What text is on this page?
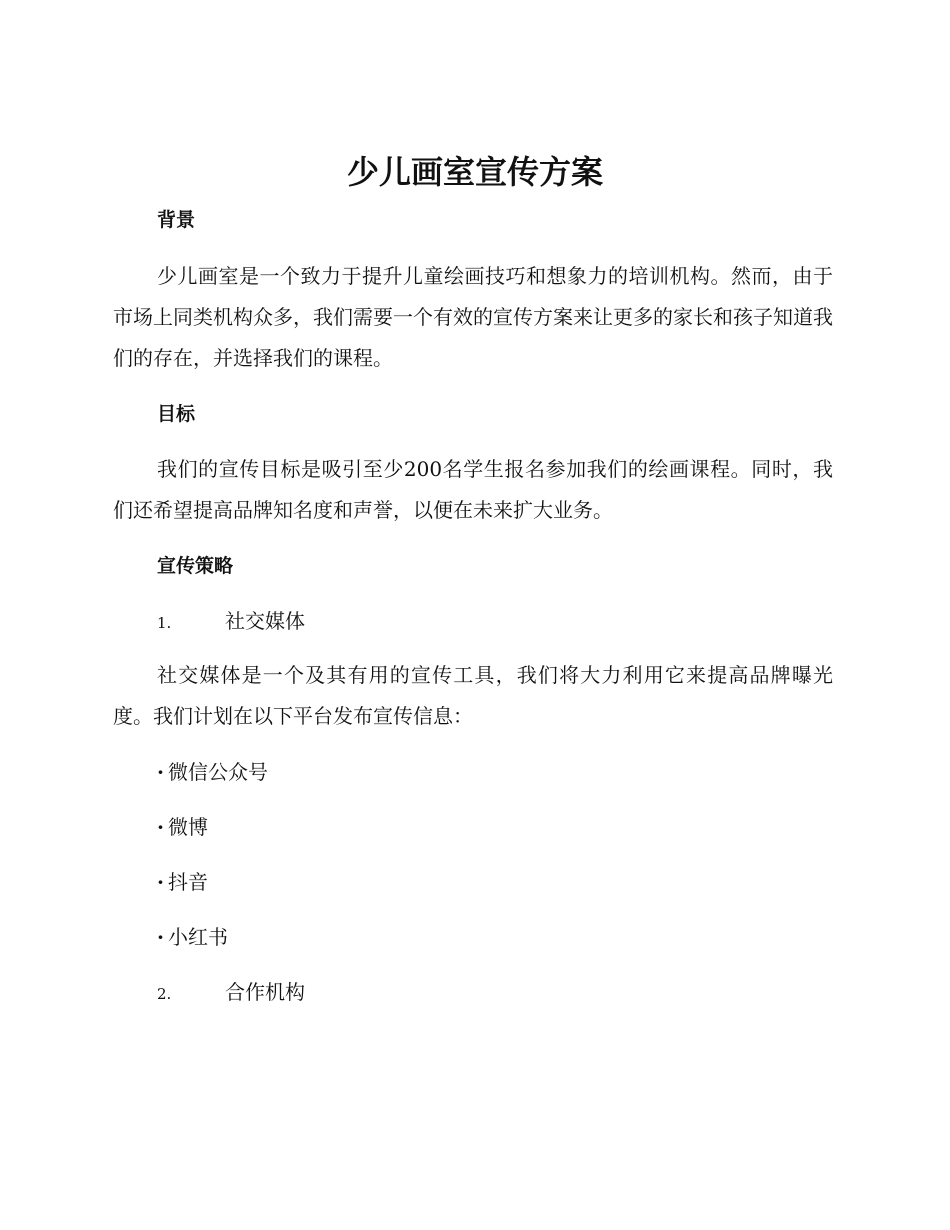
少儿画室宣传方案
背景

少儿画室是一个致力于提升儿童绘画技巧和想象力的培训机构。然而，由于市场上同类机构众多，我们需要一个有效的宣传方案来让更多的家长和孩子知道我们的存在，并选择我们的课程。

目标

我们的宣传目标是吸引至少200名学生报名参加我们的绘画课程。同时，我们还希望提高品牌知名度和声誉，以便在未来扩大业务。

宣传策略
1.	社交媒体

社交媒体是一个及其有用的宣传工具，我们将大力利用它来提高品牌曝光度。我们计划在以下平台发布宣传信息：

· 微信公众号
· 微博
· 抖音
· 小红书
2.	合作机构
